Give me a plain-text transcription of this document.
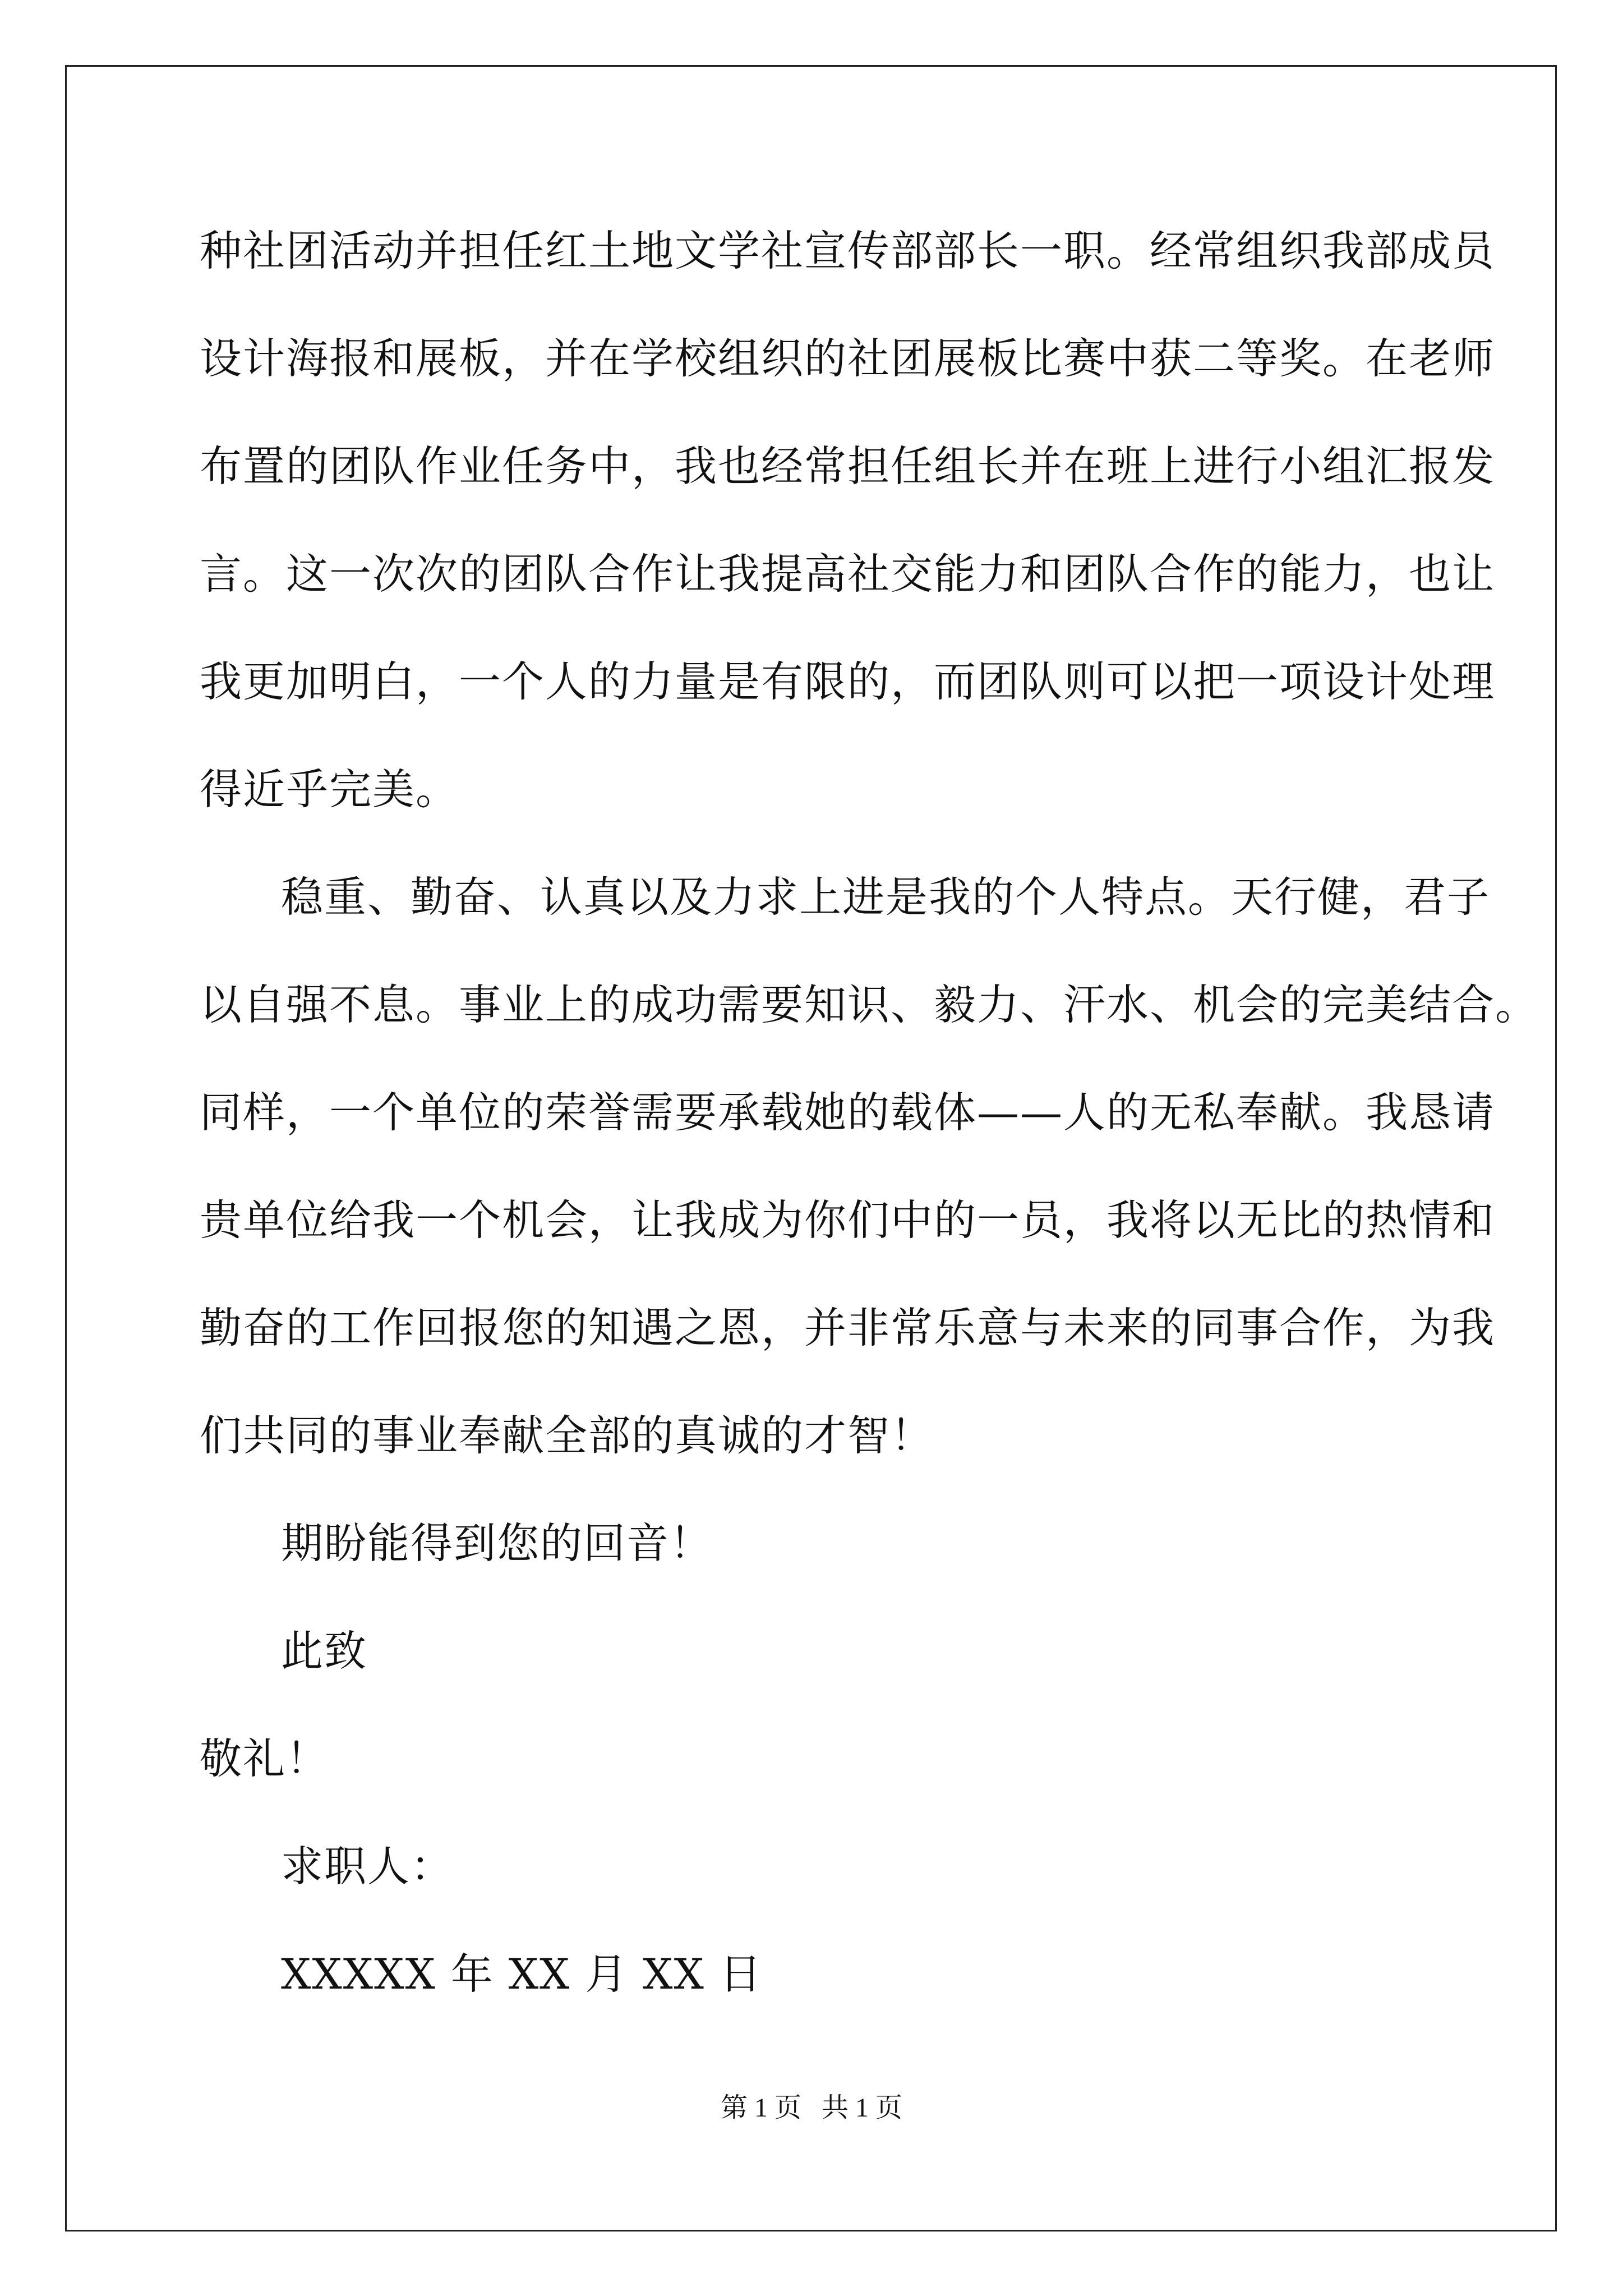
种社团活动并担任红土地文学社宣传部部长一职。经常组织我部成员
设计海报和展板，并在学校组织的社团展板比赛中获二等奖。在老师
布置的团队作业任务中，我也经常担任组长并在班上进行小组汇报发
言。这一次次的团队合作让我提高社交能力和团队合作的能力，也让
我更加明白，一个人的力量是有限的，而团队则可以把一项设计处理
得近乎完美。
稳重、勤奋、认真以及力求上进是我的个人特点。天行健，君子
以自强不息。事业上的成功需要知识、毅力、汗水、机会的完美结合。
同样，一个单位的荣誉需要承载她的载体——人的无私奉献。我恳请
贵单位给我一个机会，让我成为你们中的一员，我将以无比的热情和
勤奋的工作回报您的知遇之恩，并非常乐意与未来的同事合作，为我
们共同的事业奉献全部的真诚的才智！
期盼能得到您的回音！
此致
敬礼！
求职人：
XXXXX 年 XX 月 XX 日
第 1 页   共 1 页
